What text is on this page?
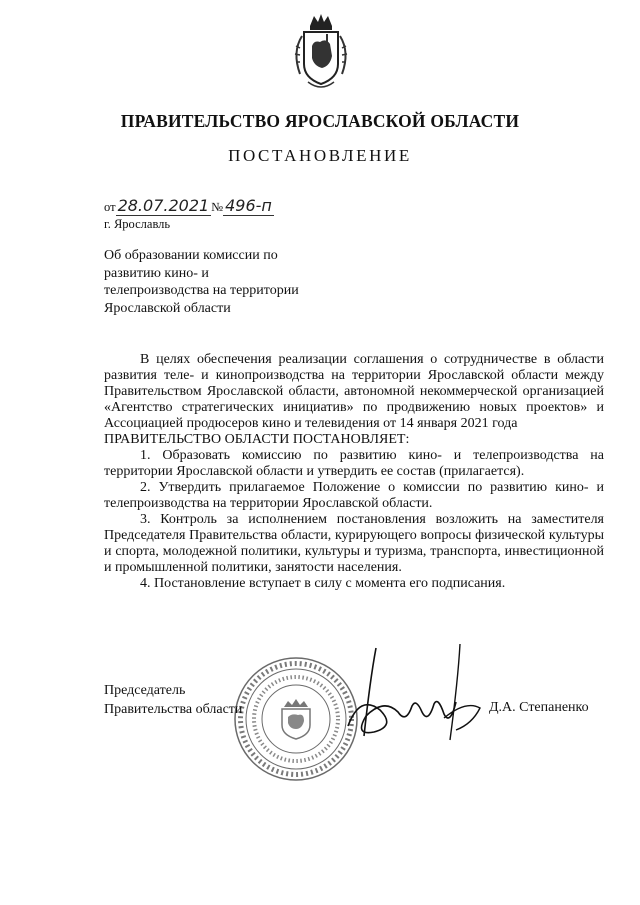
ПРАВИТЕЛЬСТВО ЯРОСЛАВСКОЙ ОБЛАСТИ
ПОСТАНОВЛЕНИЕ
от 28.07.2021 № 496-п
г. Ярославль
Об образовании комиссии по
развитию кино- и
телепроизводства на территории
Ярославской области

В целях обеспечения реализации соглашения о сотрудничестве в области развития теле- и кинопроизводства на территории Ярославской области между Правительством Ярославской области, автономной некоммерческой организацией «Агентство стратегических инициатив» по продвижению новых проектов» и Ассоциацией продюсеров кино и телевидения от 14 января 2021 года

ПРАВИТЕЛЬСТВО ОБЛАСТИ ПОСТАНОВЛЯЕТ:

1. Образовать комиссию по развитию кино- и телепроизводства на территории Ярославской области и утвердить ее состав (прилагается).

2. Утвердить прилагаемое Положение о комиссии по развитию кино- и телепроизводства на территории Ярославской области.

3. Контроль за исполнением постановления возложить на заместителя Председателя Правительства области, курирующего вопросы физической культуры и спорта, молодежной политики, культуры и туризма, транспорта, инвестиционной и промышленной политики, занятости населения.

4. Постановление вступает в силу с момента его подписания.

Председатель
Правительства области	Д.А. Степаненко
